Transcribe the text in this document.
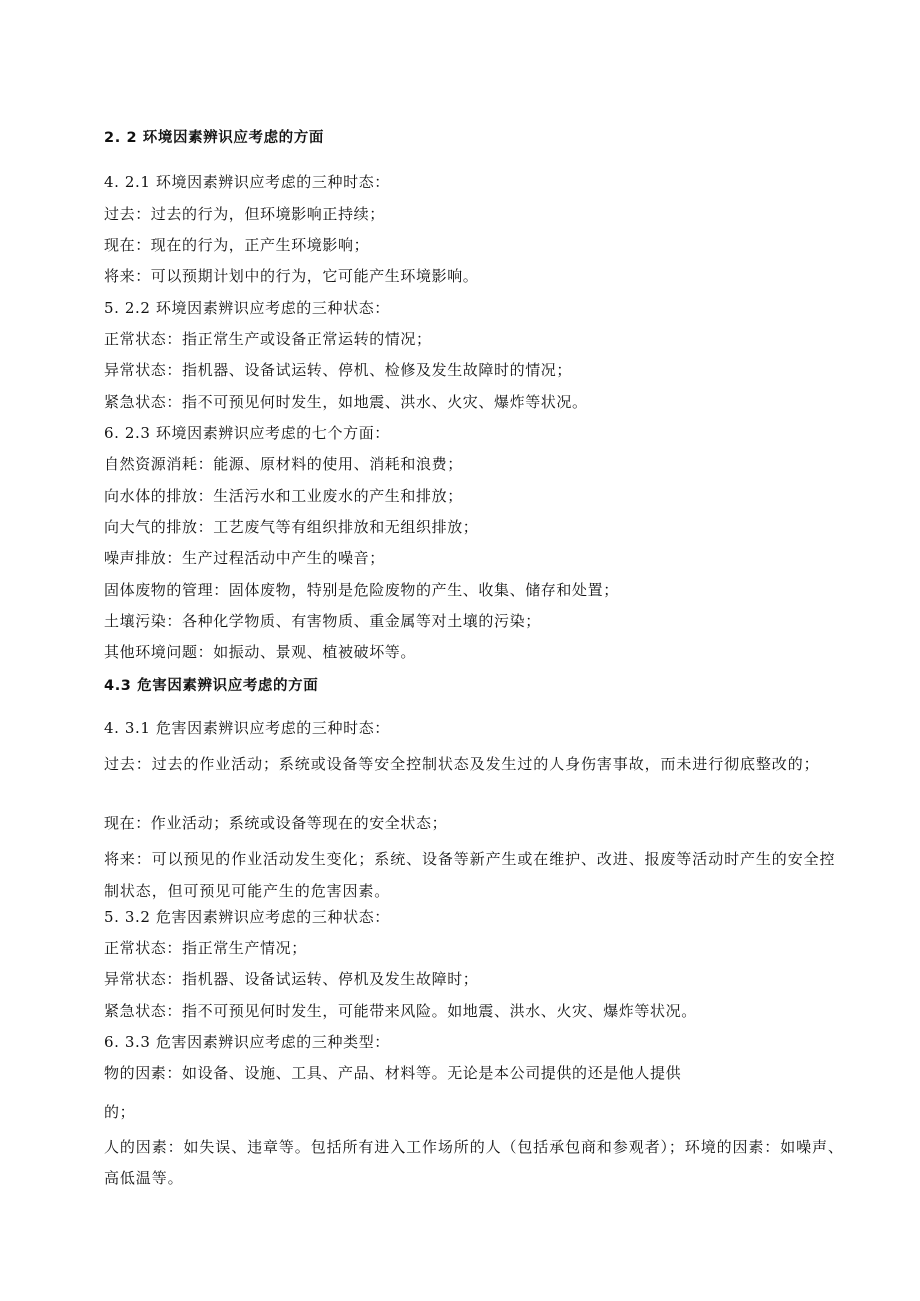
2. 2 环境因素辨识应考虑的方面
4. 2.1 环境因素辨识应考虑的三种时态：
过去：过去的行为，但环境影响正持续；
现在：现在的行为，正产生环境影响；
将来：可以预期计划中的行为，它可能产生环境影响。
5. 2.2 环境因素辨识应考虑的三种状态：
正常状态：指正常生产或设备正常运转的情况；
异常状态：指机器、设备试运转、停机、检修及发生故障时的情况；
紧急状态：指不可预见何时发生，如地震、洪水、火灾、爆炸等状况。
6. 2.3 环境因素辨识应考虑的七个方面：
自然资源消耗：能源、原材料的使用、消耗和浪费；
向水体的排放：生活污水和工业废水的产生和排放；
向大气的排放：工艺废气等有组织排放和无组织排放；
噪声排放：生产过程活动中产生的噪音；
固体废物的管理：固体废物，特别是危险废物的产生、收集、储存和处置；
土壤污染：各种化学物质、有害物质、重金属等对土壤的污染；
其他环境问题：如振动、景观、植被破坏等。
4.3 危害因素辨识应考虑的方面
4. 3.1 危害因素辨识应考虑的三种时态：
过去：过去的作业活动；系统或设备等安全控制状态及发生过的人身伤害事故，而未进行彻底整改的；
现在：作业活动；系统或设备等现在的安全状态；
将来：可以预见的作业活动发生变化；系统、设备等新产生或在维护、改进、报废等活动时产生的安全控制状态，但可预见可能产生的危害因素。
5. 3.2 危害因素辨识应考虑的三种状态：
正常状态：指正常生产情况；
异常状态：指机器、设备试运转、停机及发生故障时；
紧急状态：指不可预见何时发生，可能带来风险。如地震、洪水、火灾、爆炸等状况。
6. 3.3 危害因素辨识应考虑的三种类型：
物的因素：如设备、设施、工具、产品、材料等。无论是本公司提供的还是他人提供
的；
人的因素：如失误、违章等。包括所有进入工作场所的人（包括承包商和参观者）；环境的因素：如噪声、高低温等。
